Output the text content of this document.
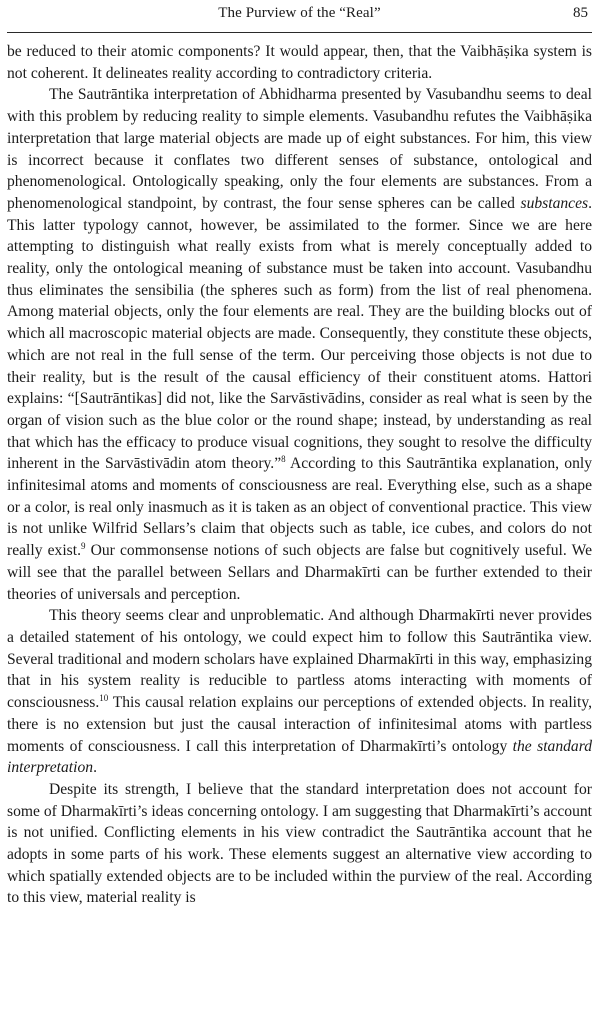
The Purview of the “Real”	85

be reduced to their atomic components? It would appear, then, that the Vaibhāṣika system is not coherent. It delineates reality according to contradictory criteria.

The Sautrāntika interpretation of Abhidharma presented by Vasubandhu seems to deal with this problem by reducing reality to simple elements. Vasubandhu refutes the Vaibhāṣika interpretation that large material objects are made up of eight substances. For him, this view is incorrect because it conflates two different senses of substance, ontological and phenomenological. Ontologically speaking, only the four elements are substances. From a phenomenological standpoint, by contrast, the four sense spheres can be called substances. This latter typology cannot, however, be assimilated to the former. Since we are here attempting to distinguish what really exists from what is merely conceptually added to reality, only the ontological meaning of substance must be taken into account. Vasubandhu thus eliminates the sensibilia (the spheres such as form) from the list of real phenomena. Among material objects, only the four elements are real. They are the building blocks out of which all macroscopic material objects are made. Consequently, they constitute these objects, which are not real in the full sense of the term. Our perceiving those objects is not due to their reality, but is the result of the causal efficiency of their constituent atoms. Hattori explains: “[Sautrāntikas] did not, like the Sarvāstivādins, consider as real what is seen by the organ of vision such as the blue color or the round shape; instead, by understanding as real that which has the efficacy to produce visual cognitions, they sought to resolve the difficulty inherent in the Sarvāstivādin atom theory.”$^8$ According to this Sautrāntika explanation, only infinitesimal atoms and moments of consciousness are real. Everything else, such as a shape or a color, is real only inasmuch as it is taken as an object of conventional practice. This view is not unlike Wilfrid Sellars’s claim that objects such as table, ice cubes, and colors do not really exist.$^9$ Our commonsense notions of such objects are false but cognitively useful. We will see that the parallel between Sellars and Dharmakīrti can be further extended to their theories of universals and perception.

This theory seems clear and unproblematic. And although Dharmakīrti never provides a detailed statement of his ontology, we could expect him to follow this Sautrāntika view. Several traditional and modern scholars have explained Dharmakīrti in this way, emphasizing that in his system reality is reducible to partless atoms interacting with moments of consciousness.$^{10}$ This causal relation explains our perceptions of extended objects. In reality, there is no extension but just the causal interaction of infinitesimal atoms with partless moments of consciousness. I call this interpretation of Dharmakīrti’s ontology the standard interpretation.

Despite its strength, I believe that the standard interpretation does not account for some of Dharmakīrti’s ideas concerning ontology. I am suggesting that Dharmakīrti’s account is not unified. Conflicting elements in his view contradict the Sautrāntika account that he adopts in some parts of his work. These elements suggest an alternative view according to which spatially extended objects are to be included within the purview of the real. According to this view, material reality is
